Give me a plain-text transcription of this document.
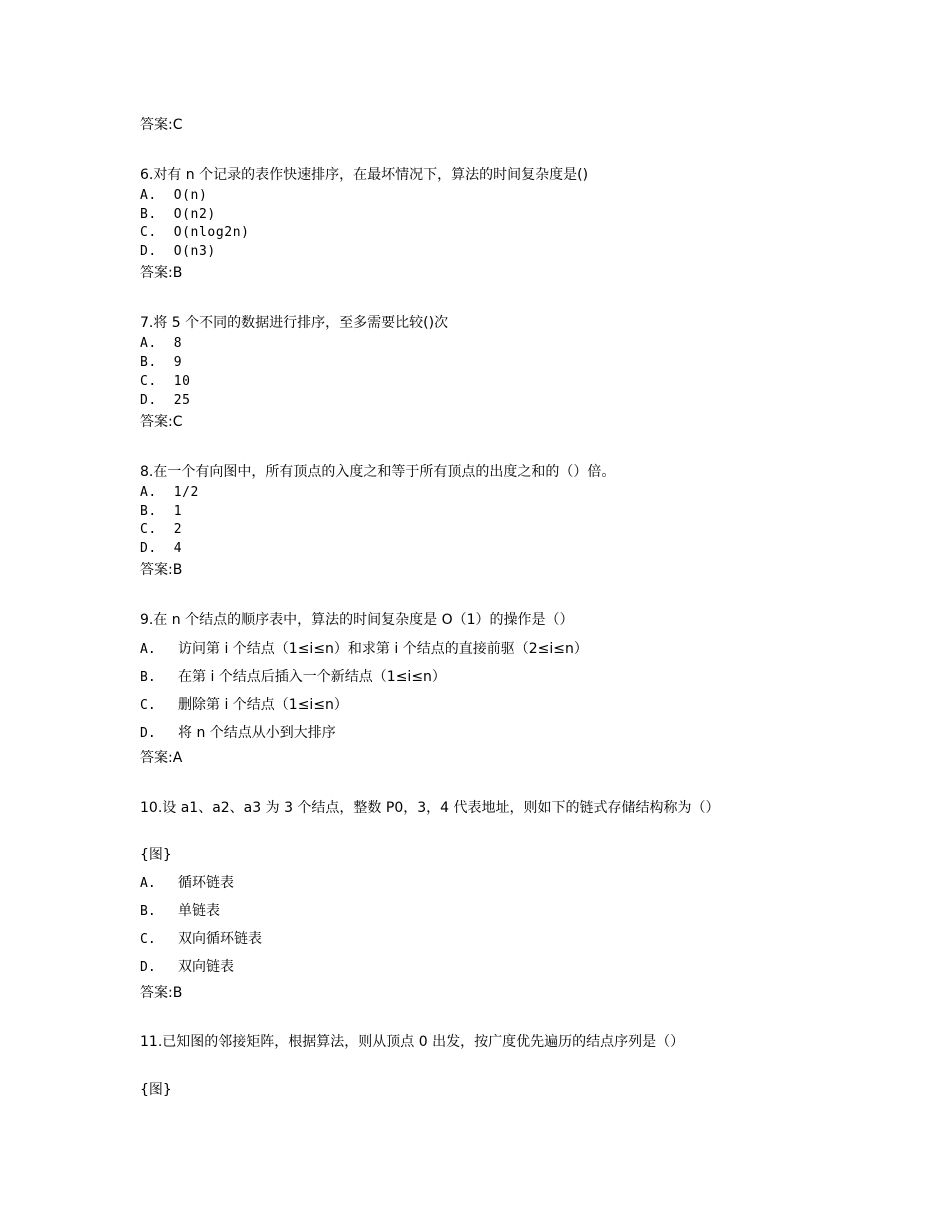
答案:C
6.对有 n 个记录的表作快速排序，在最坏情况下，算法的时间复杂度是()
A.  O(n)
B.  O(n2)
C.  O(nlog2n)
D.  O(n3)
答案:B
7.将 5 个不同的数据进行排序，至多需要比较()次
A.  8
B.  9
C.  10
D.  25
答案:C
8.在一个有向图中，所有顶点的入度之和等于所有顶点的出度之和的（）倍。
A.  1/2
B.  1
C.  2
D.  4
答案:B
9.在 n 个结点的顺序表中，算法的时间复杂度是 O（1）的操作是（）
A. 访问第 i 个结点（1≤i≤n）和求第 i 个结点的直接前驱（2≤i≤n）
B. 在第 i 个结点后插入一个新结点（1≤i≤n）
C. 删除第 i 个结点（1≤i≤n）
D. 将 n 个结点从小到大排序
答案:A
10.设 a1、a2、a3 为 3 个结点，整数 P0，3，4 代表地址，则如下的链式存储结构称为（）
{图}
A. 循环链表
B. 单链表
C. 双向循环链表
D. 双向链表
答案:B
11.已知图的邻接矩阵，根据算法，则从顶点 0 出发，按广度优先遍历的结点序列是（）
{图}
